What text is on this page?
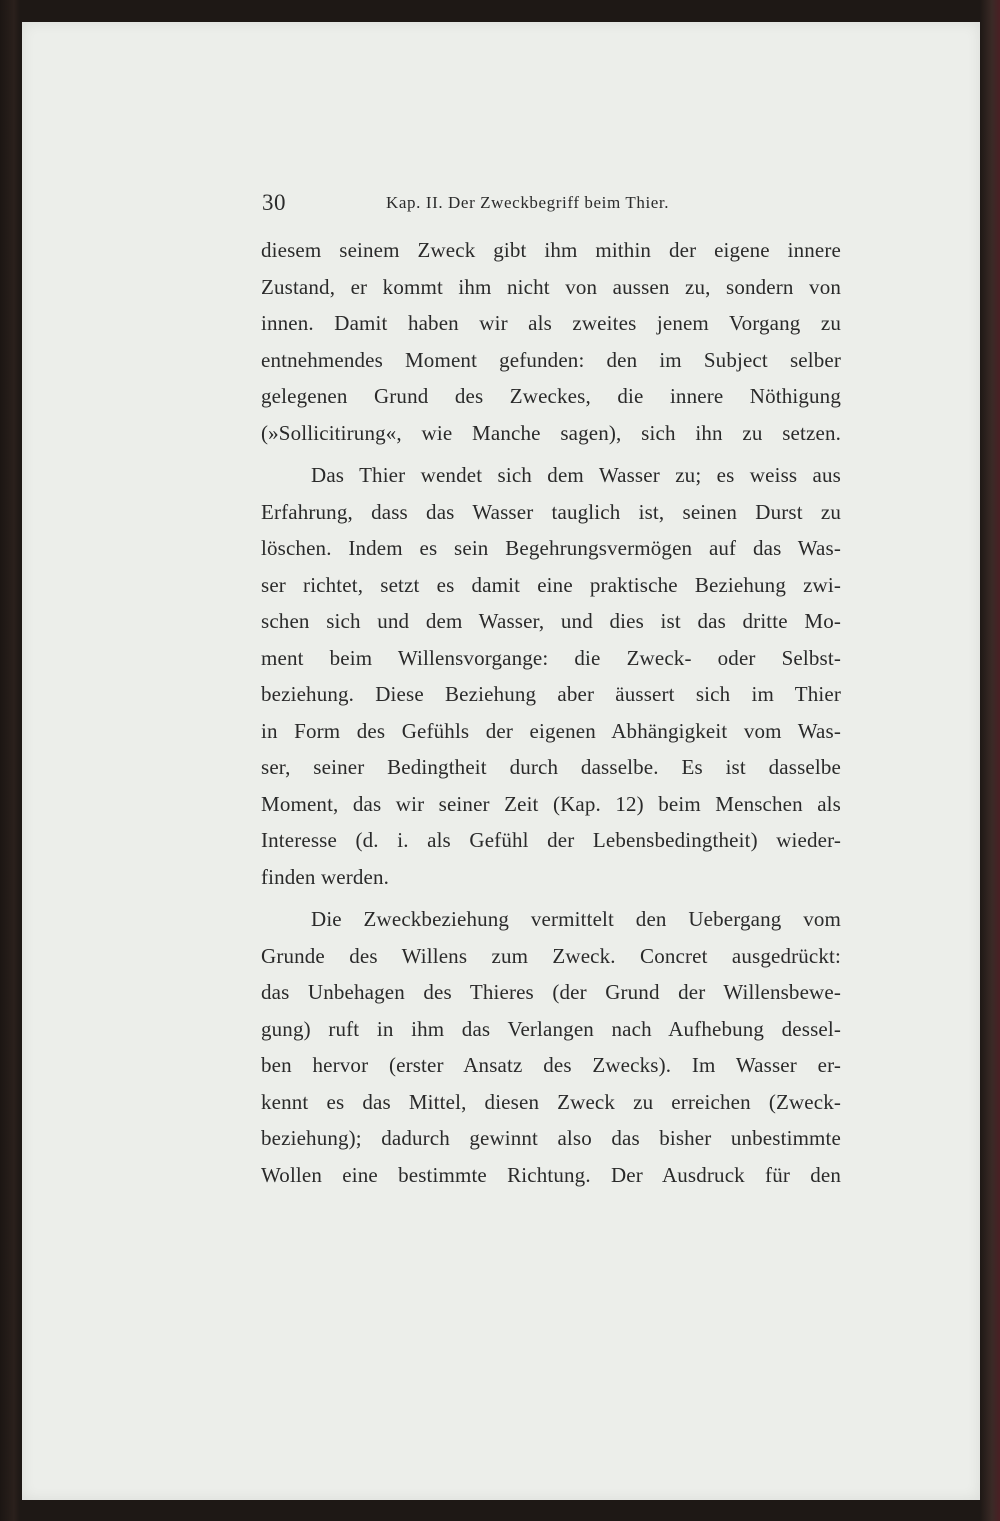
30	Kap. II. Der Zweckbegriff beim Thier.
diesem seinem Zweck gibt ihm mithin der eigene innere
Zustand, er kommt ihm nicht von aussen zu, sondern von
innen. Damit haben wir als zweites jenem Vorgang zu
entnehmendes Moment gefunden: den im Subject selber
gelegenen Grund des Zweckes, die innere Nöthigung
(»Sollicitirung«, wie Manche sagen), sich ihn zu setzen.
Das Thier wendet sich dem Wasser zu; es weiss aus
Erfahrung, dass das Wasser tauglich ist, seinen Durst zu
löschen. Indem es sein Begehrungsvermögen auf das Was-
ser richtet, setzt es damit eine praktische Beziehung zwi-
schen sich und dem Wasser, und dies ist das dritte Mo-
ment beim Willensvorgange: die Zweck- oder Selbst-
beziehung. Diese Beziehung aber äussert sich im Thier
in Form des Gefühls der eigenen Abhängigkeit vom Was-
ser, seiner Bedingtheit durch dasselbe. Es ist dasselbe
Moment, das wir seiner Zeit (Kap. 12) beim Menschen als
Interesse (d. i. als Gefühl der Lebensbedingtheit) wieder-
finden werden.
Die Zweckbeziehung vermittelt den Uebergang vom
Grunde des Willens zum Zweck. Concret ausgedrückt:
das Unbehagen des Thieres (der Grund der Willensbewe-
gung) ruft in ihm das Verlangen nach Aufhebung dessel-
ben hervor (erster Ansatz des Zwecks). Im Wasser er-
kennt es das Mittel, diesen Zweck zu erreichen (Zweck-
beziehung); dadurch gewinnt also das bisher unbestimmte
Wollen eine bestimmte Richtung. Der Ausdruck für den
